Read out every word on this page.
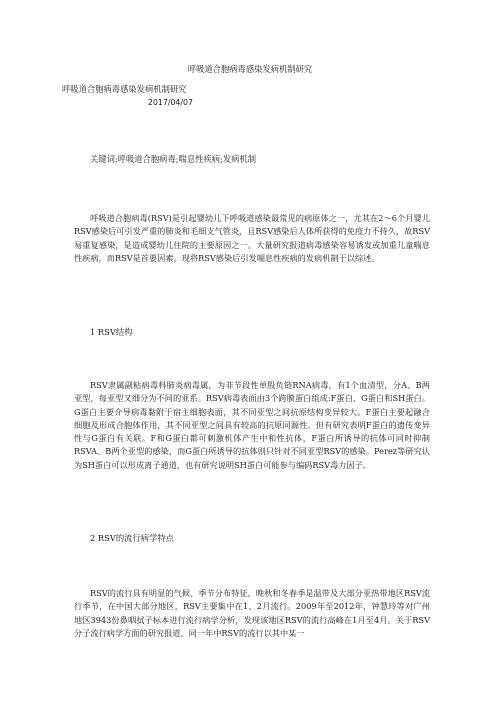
呼吸道合胞病毒感染发病机制研究
呼吸道合胞病毒感染发病机制研究
2017/04/07
关键词:呼吸道合胞病毒;喘息性疾病;发病机制

呼吸道合胞病毒(RSV)是引起婴幼儿下呼吸道感染最常见的病原体之一，尤其在2～6个月婴儿RSV感染后可引发严重的肺炎和毛细支气管炎，且RSV感染后人体所获得的免疫力不持久，故RSV易重复感染，是造成婴幼儿住院的主要原因之一。大量研究报道病毒感染容易诱发或加重儿童喘息性疾病，而RSV是首要因素。现将RSV感染后引发喘息性疾病的发病机制于以综述。

1 RSV结构

RSV隶属副粘病毒科肺炎病毒属，为非节段性单股负链RNA病毒，有1个血清型，分A、B两亚型，每亚型又细分为不同的亚系。RSV病毒表面由3个跨膜蛋白组成:F蛋白、G蛋白和SH蛋白。G蛋白主要介导病毒黏附于宿主细胞表面，其不同亚型之间抗原结构变异较大。F蛋白主要起融合细胞及形成合胞体作用，其不同亚型之间具有较高的抗原同源性。但有研究表明F蛋白的遗传变异性与G蛋白有关联。F和G蛋白都可刺激机体产生中和性抗体，F蛋白所诱导的抗体可同时抑制RSVA、B两个亚型的感染，而G蛋白所诱导的抗体则只针对不同亚型RSV的感染。Perez等研究认为SH蛋白可以形成离子通道，也有研究说明SH蛋白可能参与编码RSV毒力因子。

2 RSV的流行病学特点

RSV的流行具有明显的气候、季节分布特征，晚秋和冬春季是温带及大部分亚热带地区RSV流行季节，在中国大部分地区，RSV主要集中在1、2月流行。2009年至2012年，钟慧玲等对广州地区3943份鼻咽拭子标本进行流行病学分析，发现该地区RSV的流行高峰在1月至4月。关于RSV分子流行病学方面的研究报道，同一年中RSV的流行以其中某一
